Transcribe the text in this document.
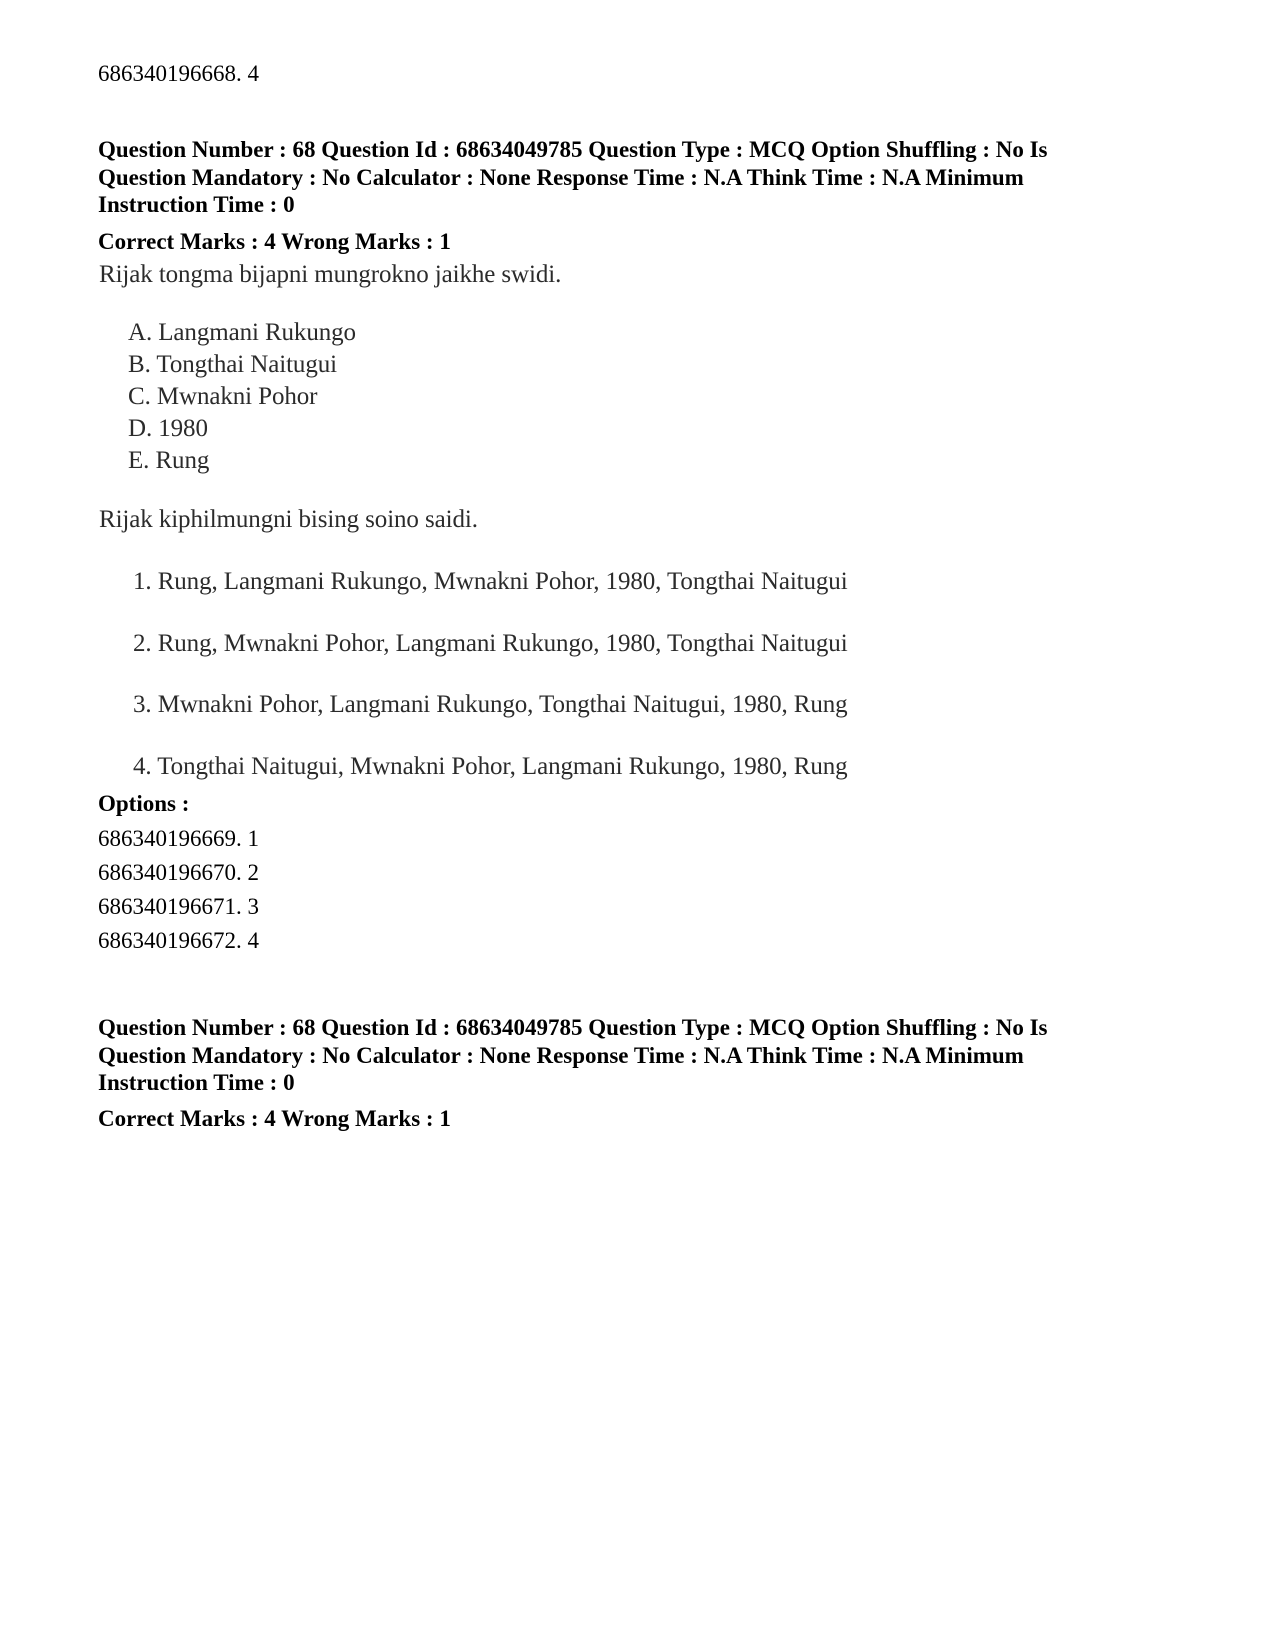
686340196668. 4
Question Number : 68 Question Id : 68634049785 Question Type : MCQ Option Shuffling : No Is
Question Mandatory : No Calculator : None Response Time : N.A Think Time : N.A Minimum
Instruction Time : 0
Correct Marks : 4 Wrong Marks : 1
Rijak tongma bijapni mungrokno jaikhe swidi.
A. Langmani Rukungo
B. Tongthai Naitugui
C. Mwnakni Pohor
D. 1980
E. Rung
Rijak kiphilmungni bising soino saidi.
1. Rung, Langmani Rukungo, Mwnakni Pohor, 1980, Tongthai Naitugui
2. Rung, Mwnakni Pohor, Langmani Rukungo, 1980, Tongthai Naitugui
3. Mwnakni Pohor, Langmani Rukungo, Tongthai Naitugui, 1980, Rung
4. Tongthai Naitugui, Mwnakni Pohor, Langmani Rukungo, 1980, Rung
Options :
686340196669. 1
686340196670. 2
686340196671. 3
686340196672. 4
Question Number : 68 Question Id : 68634049785 Question Type : MCQ Option Shuffling : No Is
Question Mandatory : No Calculator : None Response Time : N.A Think Time : N.A Minimum
Instruction Time : 0
Correct Marks : 4 Wrong Marks : 1
